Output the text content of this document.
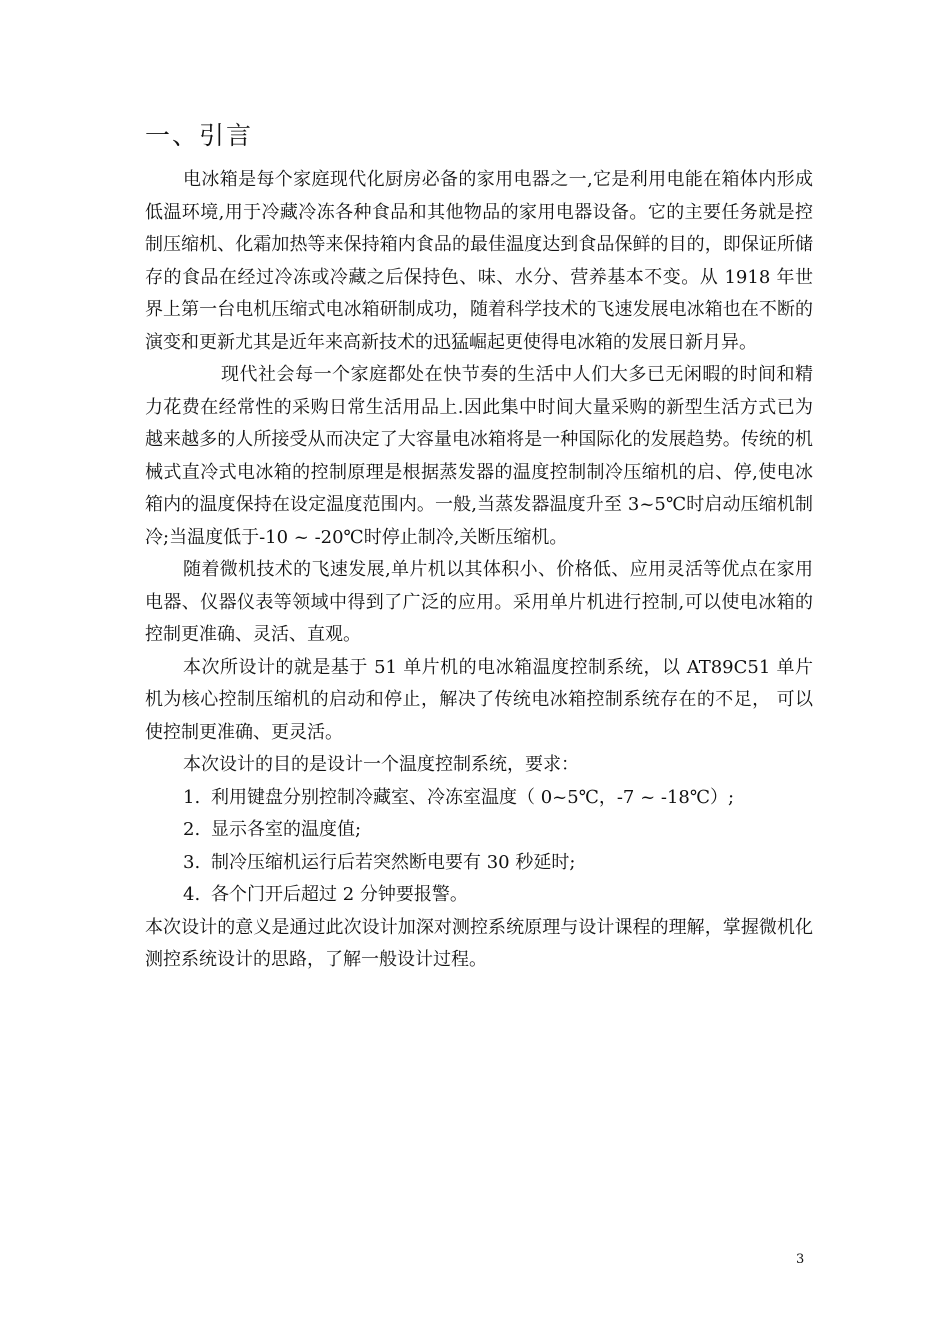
一、引言

电冰箱是每个家庭现代化厨房必备的家用电器之一,它是利用电能在箱体内形成低温环境,用于冷藏冷冻各种食品和其他物品的家用电器设备。它的主要任务就是控制压缩机、化霜加热等来保持箱内食品的最佳温度达到食品保鲜的目的，即保证所储存的食品在经过冷冻或冷藏之后保持色、味、水分、营养基本不变。从 1918 年世界上第一台电机压缩式电冰箱研制成功，随着科学技术的飞速发展电冰箱也在不断的演变和更新尤其是近年来高新技术的迅猛崛起更使得电冰箱的发展日新月异。

现代社会每一个家庭都处在快节奏的生活中人们大多已无闲暇的时间和精力花费在经常性的采购日常生活用品上.因此集中时间大量采购的新型生活方式已为越来越多的人所接受从而决定了大容量电冰箱将是一种国际化的发展趋势。传统的机械式直冷式电冰箱的控制原理是根据蒸发器的温度控制制冷压缩机的启、停,使电冰箱内的温度保持在设定温度范围内。一般,当蒸发器温度升至 3~5℃时启动压缩机制冷;当温度低于-10 ~ -20℃时停止制冷,关断压缩机。

随着微机技术的飞速发展,单片机以其体积小、价格低、应用灵活等优点在家用电器、仪器仪表等领域中得到了广泛的应用。采用单片机进行控制,可以使电冰箱的控制更准确、灵活、直观。

本次所设计的就是基于 51 单片机的电冰箱温度控制系统，以 AT89C51 单片机为核心控制压缩机的启动和停止，解决了传统电冰箱控制系统存在的不足， 可以使控制更准确、更灵活。

本次设计的目的是设计一个温度控制系统，要求：

1. 利用键盘分别控制冷藏室、冷冻室温度（ 0~5℃，-7 ~ -18℃）;
2. 显示各室的温度值;
3. 制冷压缩机运行后若突然断电要有 30 秒延时;
4. 各个门开后超过 2 分钟要报警。

本次设计的意义是通过此次设计加深对测控系统原理与设计课程的理解，掌握微机化测控系统设计的思路，了解一般设计过程。

3
